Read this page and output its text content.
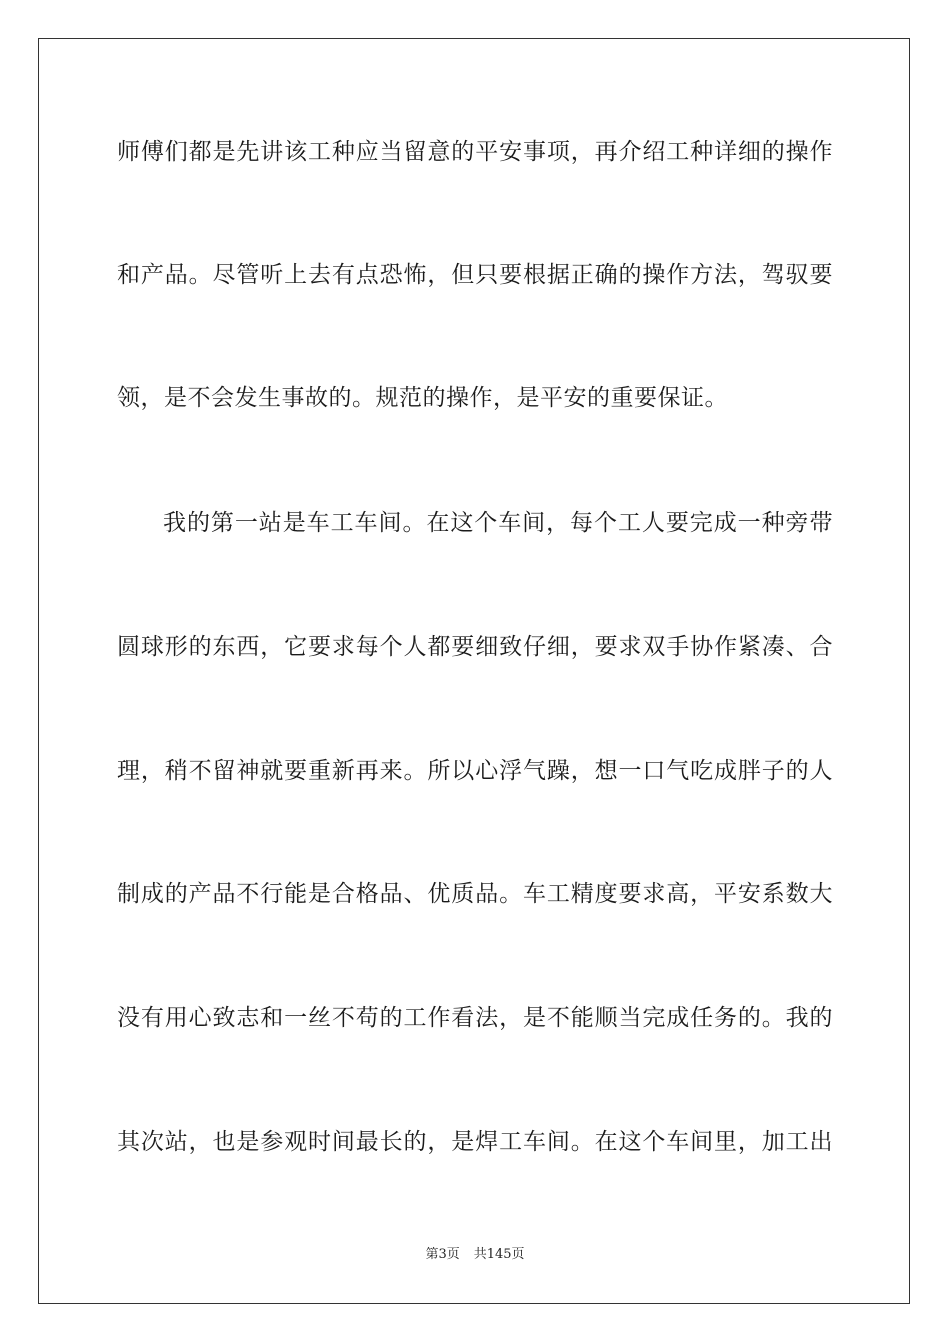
师傅们都是先讲该工种应当留意的平安事项，再介绍工种详细的操作
和产品。尽管听上去有点恐怖，但只要根据正确的操作方法，驾驭要
领，是不会发生事故的。规范的操作，是平安的重要保证。
我的第一站是车工车间。在这个车间，每个工人要完成一种旁带
圆球形的东西，它要求每个人都要细致仔细，要求双手协作紧凑、合
理，稍不留神就要重新再来。所以心浮气躁，想一口气吃成胖子的人
制成的产品不行能是合格品、优质品。车工精度要求高，平安系数大
没有用心致志和一丝不苟的工作看法，是不能顺当完成任务的。我的
其次站，也是参观时间最长的，是焊工车间。在这个车间里，加工出
第3页 共145页
